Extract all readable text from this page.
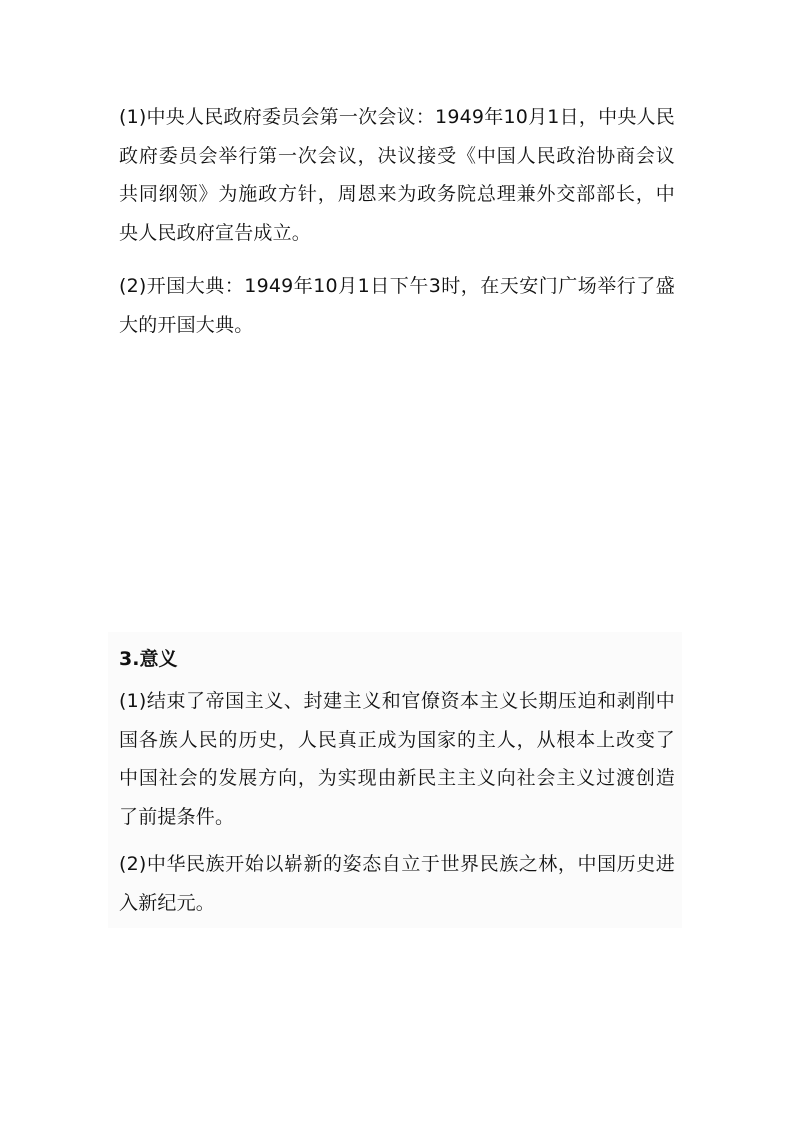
(1)中央人民政府委员会第一次会议：1949年10月1日，中央人民政府委员会举行第一次会议，决议接受《中国人民政治协商会议共同纲领》为施政方针，周恩来为政务院总理兼外交部部长，中央人民政府宣告成立。

(2)开国大典：1949年10月1日下午3时，在天安门广场举行了盛大的开国大典。

3.意义

(1)结束了帝国主义、封建主义和官僚资本主义长期压迫和剥削中国各族人民的历史，人民真正成为国家的主人，从根本上改变了中国社会的发展方向，为实现由新民主主义向社会主义过渡创造了前提条件。

(2)中华民族开始以崭新的姿态自立于世界民族之林，中国历史进入新纪元。
